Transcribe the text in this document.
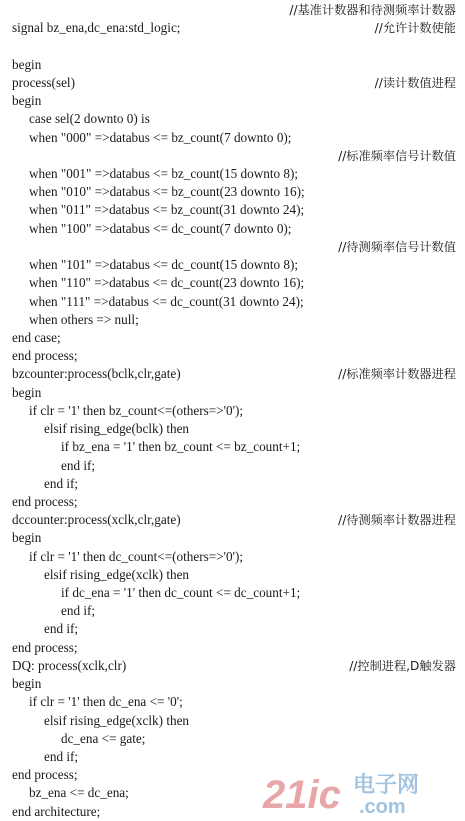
//基准计数器和待测频率计数器
signal bz_ena,dc_ena:std_logic;	//允许计数使能
begin
process(sel)	//读计数值进程
begin
case sel(2 downto 0) is
when "000" =>databus <= bz_count(7 downto 0);
//标准频率信号计数值
when "001" =>databus <= bz_count(15 downto 8);
when "010" =>databus <= bz_count(23 downto 16);
when "011" =>databus <= bz_count(31 downto 24);
when "100" =>databus <= dc_count(7 downto 0);
//待测频率信号计数值
when "101" =>databus <= dc_count(15 downto 8);
when "110" =>databus <= dc_count(23 downto 16);
when "111" =>databus <= dc_count(31 downto 24);
when others => null;
end case;
end process;
bzcounter:process(bclk,clr,gate)	//标准频率计数器进程
begin
if clr = '1' then bz_count<=(others=>'0');
elsif rising_edge(bclk) then
if bz_ena = '1' then bz_count <= bz_count+1;
end if;
end if;
end process;
dccounter:process(xclk,clr,gate)	//待测频率计数器进程
begin
if clr = '1' then dc_count<=(others=>'0');
elsif rising_edge(xclk) then
if dc_ena = '1' then dc_count <= dc_count+1;
end if;
end if;
end process;
DQ: process(xclk,clr)	//控制进程,D触发器
begin
if clr = '1' then dc_ena <= '0';
elsif rising_edge(xclk) then
dc_ena <= gate;
end if;
end process;
bz_ena <= dc_ena;
end architecture;	21ic 电子网
.com
